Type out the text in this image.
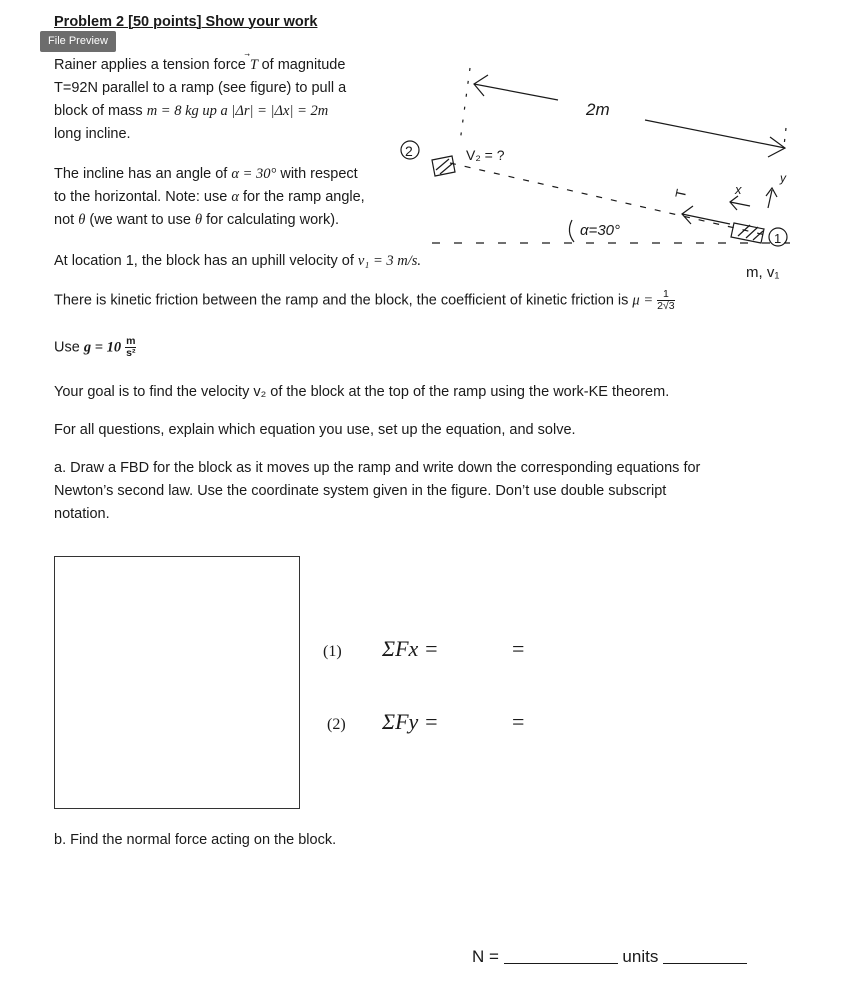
Problem 2 [50 points] Show your work
File Preview
Rainer applies a tension force T of magnitude
T=92N parallel to a ramp (see figure) to pull a
block of mass m = 8 kg up a |Δr| = |Δx| = 2m
long incline.
The incline has an angle of α = 30° with respect
to the horizontal. Note: use α for the ramp angle,
not θ (we want to use θ for calculating work).
At location 1, the block has an uphill velocity of v₁ = 3 m/s.
There is kinetic friction between the ramp and the block, the coefficient of kinetic friction is $\mu = \frac{1}{2√3}$
Use $g = 10 \frac{m}{\text{s²}}$
Your goal is to find the velocity v₂ of the block at the top of the ramp using the work-KE theorem.
For all questions, explain which equation you use, set up the equation, and solve.
a. Draw a FBD for the block as it moves up the ramp and write down the corresponding equations for
Newton’s second law. Use the coordinate system given in the figure. Don’t use double subscript
notation.
(1) ΣFx =	=
(2) ΣFy =	=
b. Find the normal force acting on the block.
N =	units
2m
2	V₂ = ?
1
T	x
y
α=30°
m, v₁
